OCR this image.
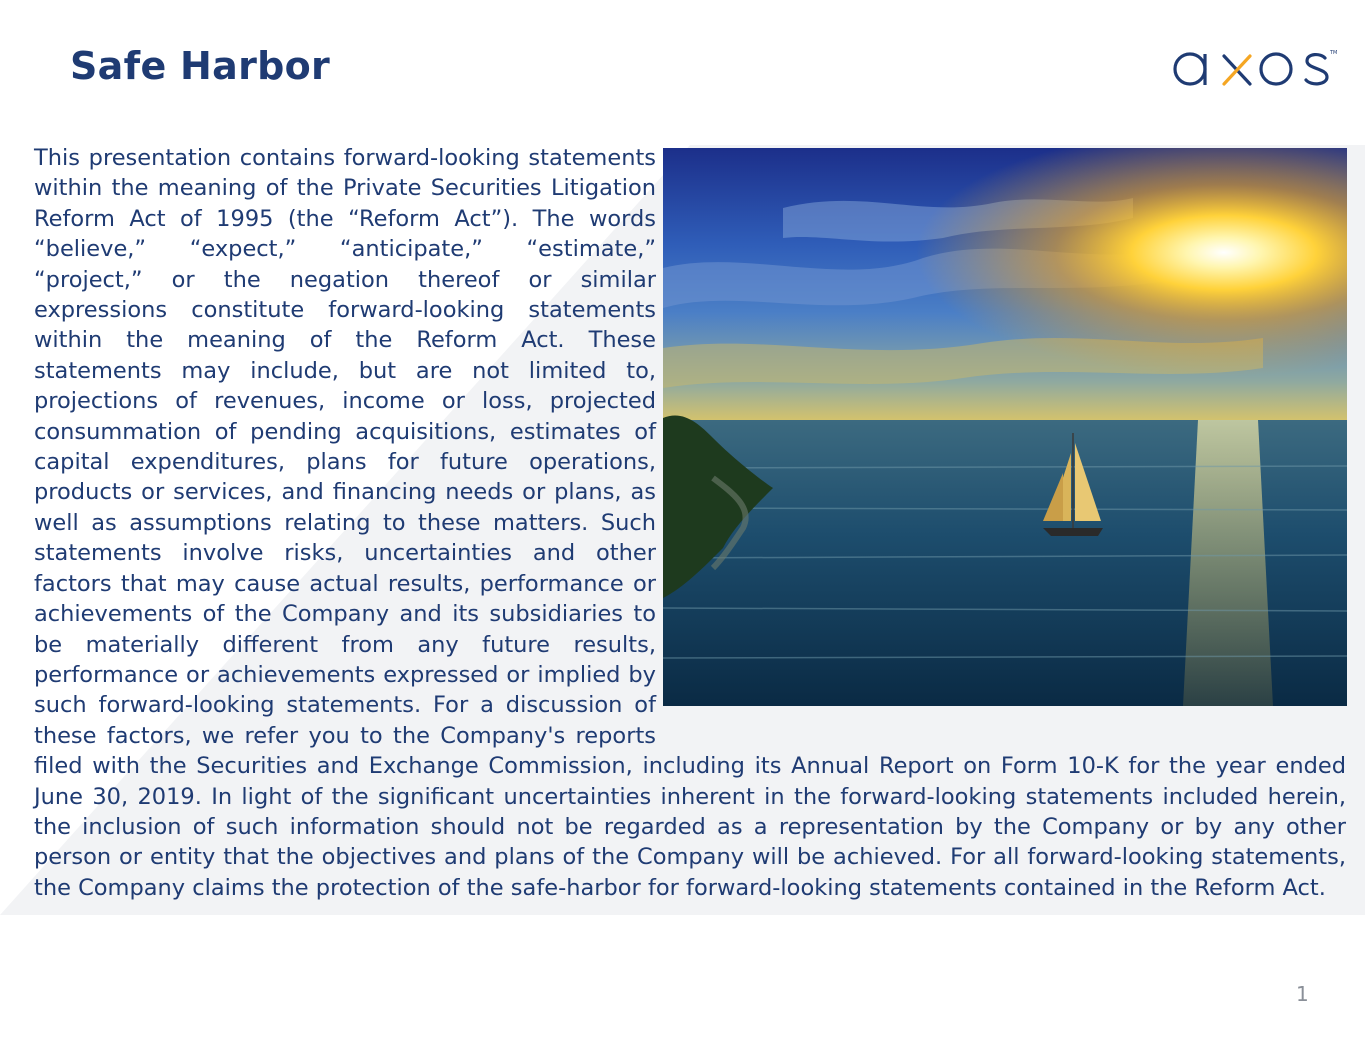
Safe Harbor	TM

This presentation contains forward-looking statements within the meaning of the Private Securities Litigation Reform Act of 1995 (the “Reform Act”). The words “believe,” “expect,” “anticipate,” “estimate,” “project,” or the negation thereof or similar expressions constitute forward-looking statements within the meaning of the Reform Act. These statements may include, but are not limited to, projections of revenues, income or loss, projected consummation of pending acquisitions, estimates of capital expenditures, plans for future operations, products or services, and financing needs or plans, as well as assumptions relating to these matters. Such statements involve risks, uncertainties and other factors that may cause actual results, performance or achievements of the Company and its subsidiaries to be materially different from any future results, performance or achievements expressed or implied by such forward-looking statements. For a discussion of these factors, we refer you to the Company's reports filed with the Securities and Exchange Commission, including its Annual Report on Form 10-K for the year ended June 30, 2019. In light of the significant uncertainties inherent in the forward-looking statements included herein, the inclusion of such information should not be regarded as a representation by the Company or by any other person or entity that the objectives and plans of the Company will be achieved. For all forward-looking statements, the Company claims the protection of the safe-harbor for forward-looking statements contained in the Reform Act.

1
